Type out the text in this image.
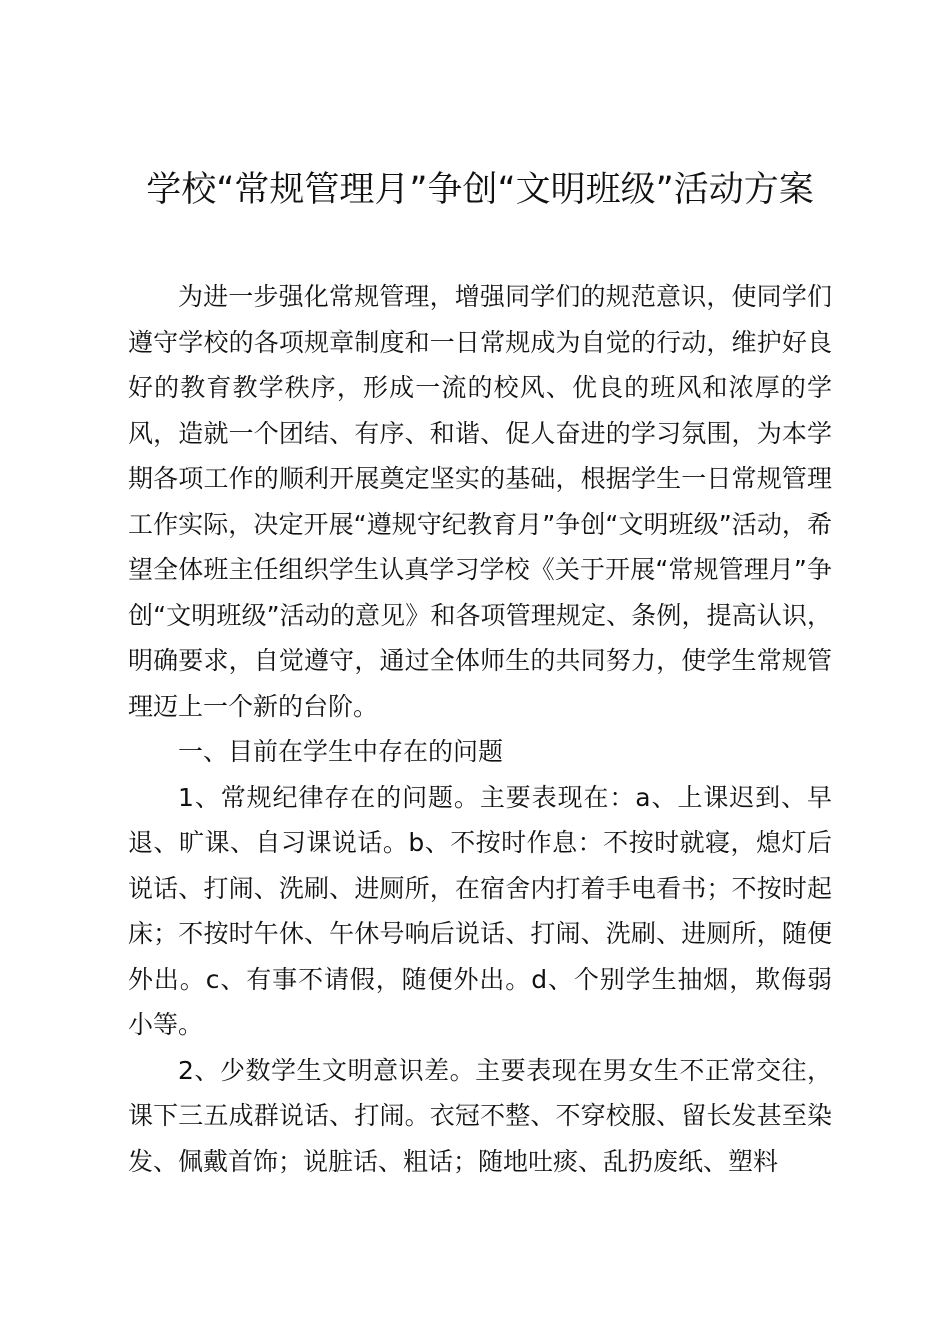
学校“常规管理月”争创“文明班级”活动方案

为进一步强化常规管理，增强同学们的规范意识，使同学们遵守学校的各项规章制度和一日常规成为自觉的行动，维护好良好的教育教学秩序，形成一流的校风、优良的班风和浓厚的学风，造就一个团结、有序、和谐、促人奋进的学习氛围，为本学期各项工作的顺利开展奠定坚实的基础，根据学生一日常规管理工作实际，决定开展“遵规守纪教育月”争创“文明班级”活动，希望全体班主任组织学生认真学习学校《关于开展“常规管理月”争创“文明班级”活动的意见》和各项管理规定、条例，提高认识，明确要求，自觉遵守，通过全体师生的共同努力，使学生常规管理迈上一个新的台阶。

一、目前在学生中存在的问题

1、常规纪律存在的问题。主要表现在：a、上课迟到、早退、旷课、自习课说话。b、不按时作息：不按时就寝，熄灯后说话、打闹、洗刷、进厕所，在宿舍内打着手电看书；不按时起床；不按时午休、午休号响后说话、打闹、洗刷、进厕所，随便外出。c、有事不请假，随便外出。d、个别学生抽烟，欺侮弱小等。

2、少数学生文明意识差。主要表现在男女生不正常交往，课下三五成群说话、打闹。衣冠不整、不穿校服、留长发甚至染发、佩戴首饰；说脏话、粗话；随地吐痰、乱扔废纸、塑料
